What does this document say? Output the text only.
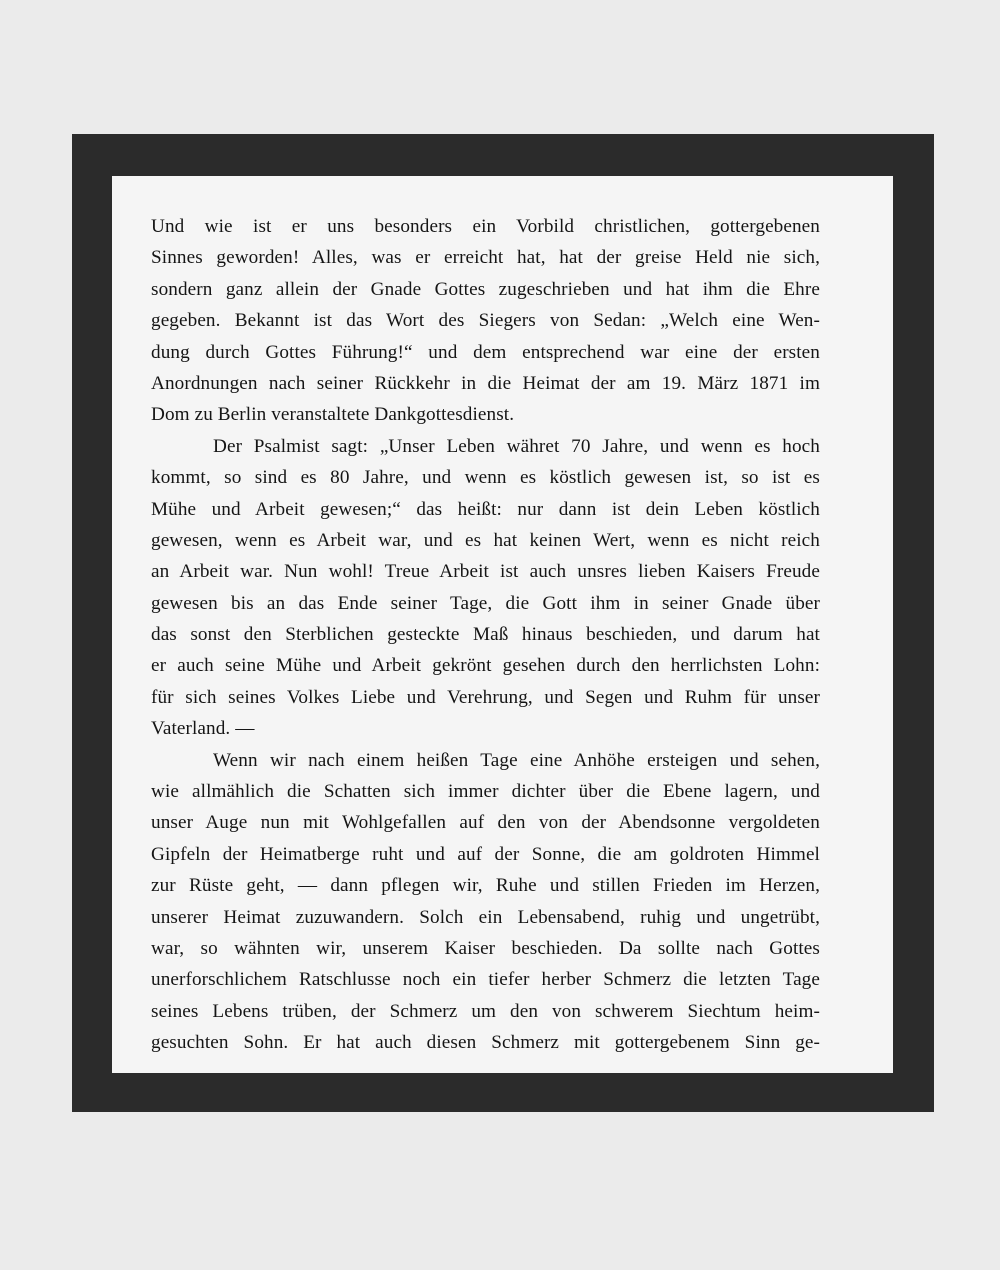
Und wie ist er uns besonders ein Vorbild christlichen, gottergebenen
Sinnes geworden! Alles, was er erreicht hat, hat der greise Held nie sich,
sondern ganz allein der Gnade Gottes zugeschrieben und hat ihm die Ehre
gegeben. Bekannt ist das Wort des Siegers von Sedan: „Welch eine Wen-
dung durch Gottes Führung!“ und dem entsprechend war eine der ersten
Anordnungen nach seiner Rückkehr in die Heimat der am 19. März 1871 im
Dom zu Berlin veranstaltete Dankgottesdienst.
Der Psalmist sagt: „Unser Leben währet 70 Jahre, und wenn es hoch
kommt, so sind es 80 Jahre, und wenn es köstlich gewesen ist, so ist es
Mühe und Arbeit gewesen;“ das heißt: nur dann ist dein Leben köstlich
gewesen, wenn es Arbeit war, und es hat keinen Wert, wenn es nicht reich
an Arbeit war. Nun wohl! Treue Arbeit ist auch unsres lieben Kaisers Freude
gewesen bis an das Ende seiner Tage, die Gott ihm in seiner Gnade über
das sonst den Sterblichen gesteckte Maß hinaus beschieden, und darum hat
er auch seine Mühe und Arbeit gekrönt gesehen durch den herrlichsten Lohn:
für sich seines Volkes Liebe und Verehrung, und Segen und Ruhm für unser
Vaterland. —
Wenn wir nach einem heißen Tage eine Anhöhe ersteigen und sehen,
wie allmählich die Schatten sich immer dichter über die Ebene lagern, und
unser Auge nun mit Wohlgefallen auf den von der Abendsonne vergoldeten
Gipfeln der Heimatberge ruht und auf der Sonne, die am goldroten Himmel
zur Rüste geht, — dann pflegen wir, Ruhe und stillen Frieden im Herzen,
unserer Heimat zuzuwandern. Solch ein Lebensabend, ruhig und ungetrübt,
war, so wähnten wir, unserem Kaiser beschieden. Da sollte nach Gottes
unerforschlichem Ratschlusse noch ein tiefer herber Schmerz die letzten Tage
seines Lebens trüben, der Schmerz um den von schwerem Siechtum heim-
gesuchten Sohn. Er hat auch diesen Schmerz mit gottergebenem Sinn ge-
